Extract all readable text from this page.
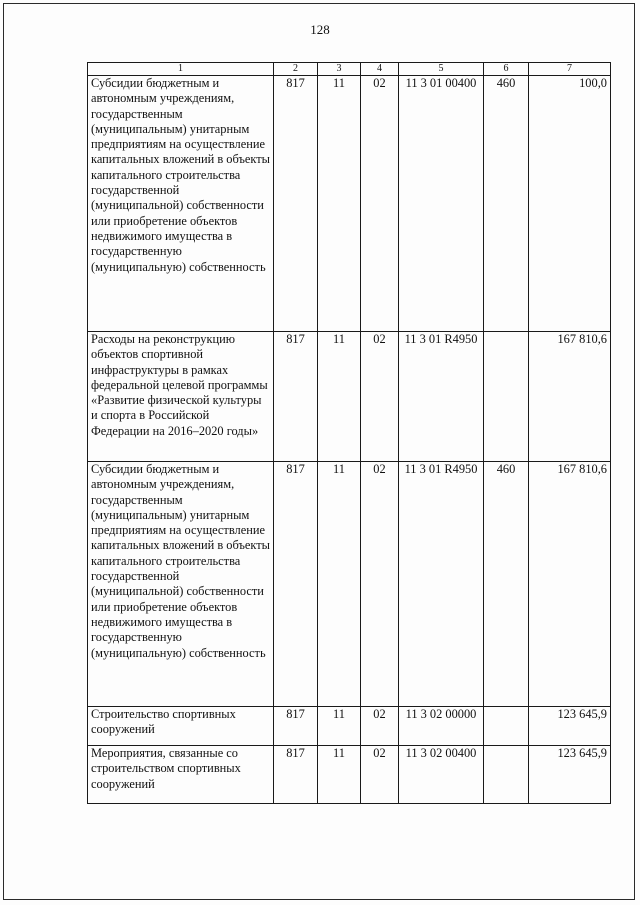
128
1	2	3	4	5	6	7
Субсидии бюджетным и автономным учреждениям, государственным (муниципальным) унитарным предприятиям на осуществление капитальных вложений в объекты капитального строительства государственной (муниципальной) собственности или приобретение объектов недвижимого имущества в государственную (муниципальную) собственность	817	11	02	11 3 01 00400	460	100,0
Расходы на реконструкцию объектов спортивной инфраструктуры в рамках федеральной целевой программы «Развитие физической культуры и спорта в Российской Федерации на 2016–2020 годы»	817	11	02	11 3 01 R4950		167 810,6
Субсидии бюджетным и автономным учреждениям, государственным (муниципальным) унитарным предприятиям на осуществление капитальных вложений в объекты капитального строительства государственной (муниципальной) собственности или приобретение объектов недвижимого имущества в государственную (муниципальную) собственность	817	11	02	11 3 01 R4950	460	167 810,6
Строительство спортивных сооружений	817	11	02	11 3 02 00000		123 645,9
Мероприятия, связанные со строительством спортивных сооружений	817	11	02	11 3 02 00400		123 645,9
